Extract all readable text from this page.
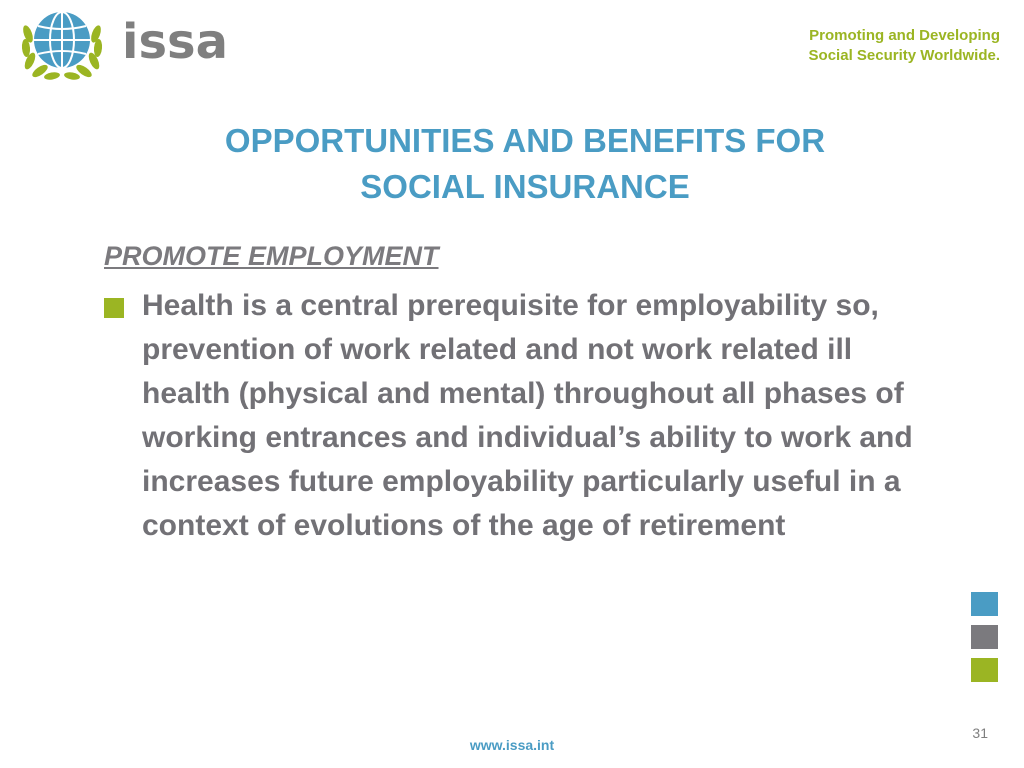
issa	Promoting and Developing
Social Security Worldwide.
OPPORTUNITIES AND BENEFITS FOR
SOCIAL INSURANCE
PROMOTE EMPLOYMENT
Health is a central prerequisite for employability so, prevention of work related and not work related ill health (physical and mental) throughout all phases of working entrances and individual’s ability to work and increases future employability particularly useful in a context of evolutions of the age of retirement
31
www.issa.int
